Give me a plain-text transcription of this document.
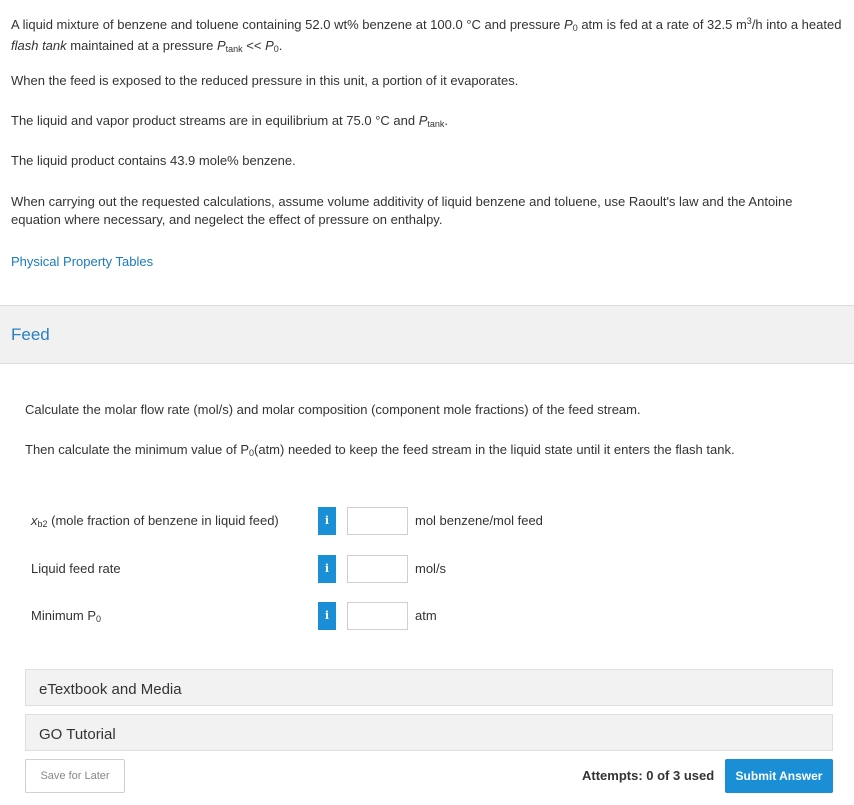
A liquid mixture of benzene and toluene containing 52.0 wt% benzene at 100.0 °C and pressure $P_0$ atm is fed at a rate of 32.5 $m^3/h$ into a heated flash tank maintained at a pressure $P_{tank} << P_0$.
When the feed is exposed to the reduced pressure in this unit, a portion of it evaporates.
The liquid and vapor product streams are in equilibrium at 75.0 °C and $P_{tank}$.
The liquid product contains 43.9 mole% benzene.
When carrying out the requested calculations, assume volume additivity of liquid benzene and toluene, use Raoult's law and the Antoine equation where necessary, and negelect the effect of pressure on enthalpy.
Physical Property Tables
Feed
Calculate the molar flow rate (mol/s) and molar composition (component mole fractions) of the feed stream.
Then calculate the minimum value of $P_0(atm)$ needed to keep the feed stream in the liquid state until it enters the flash tank.
$x_{b2}$ (mole fraction of benzene in liquid feed)	i	mol benzene/mol feed
Liquid feed rate	i	mol/s
Minimum $P_0$	i	atm
eTextbook and Media
GO Tutorial
Save for Later	Attempts: 0 of 3 used	Submit Answer
